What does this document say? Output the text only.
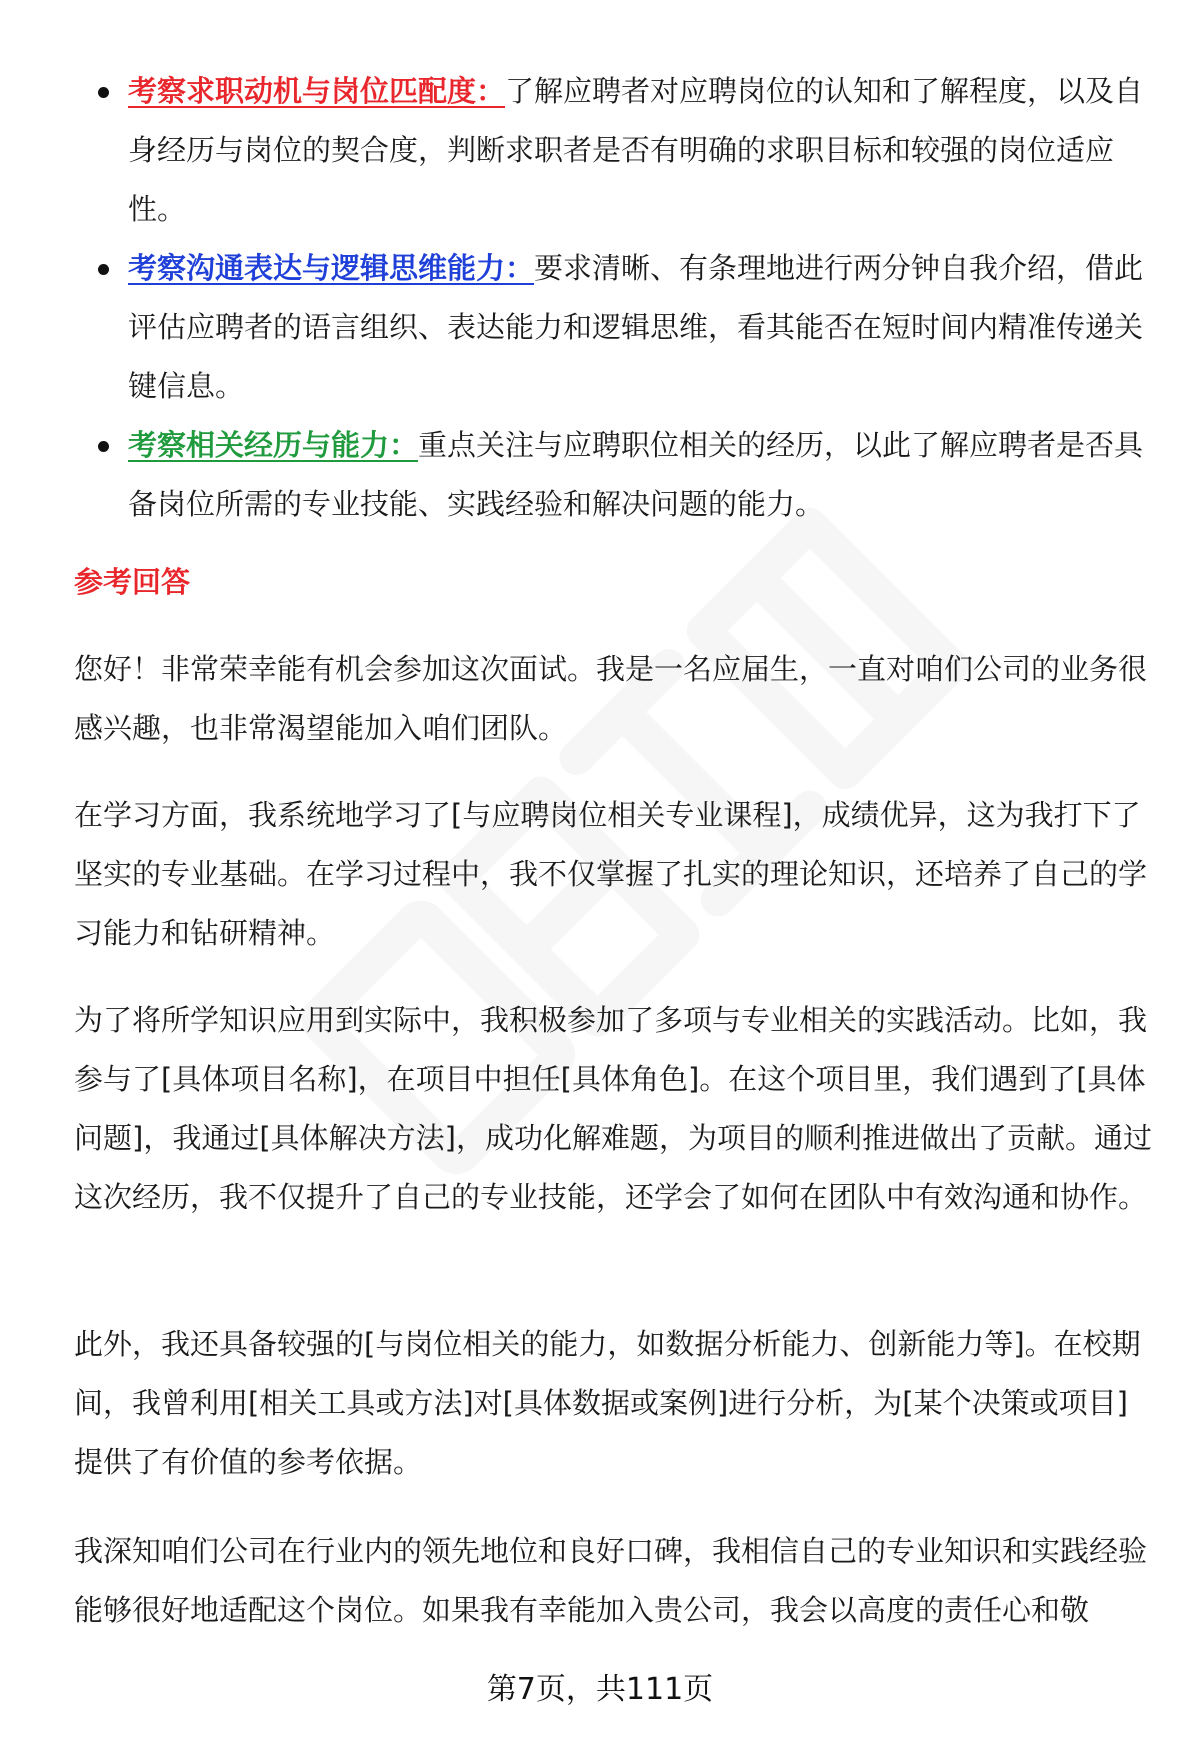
考察求职动机与岗位匹配度：了解应聘者对应聘岗位的认知和了解程度，以及自身经历与岗位的契合度，判断求职者是否有明确的求职目标和较强的岗位适应性。
考察沟通表达与逻辑思维能力：要求清晰、有条理地进行两分钟自我介绍，借此评估应聘者的语言组织、表达能力和逻辑思维，看其能否在短时间内精准传递关键信息。
考察相关经历与能力：重点关注与应聘职位相关的经历，以此了解应聘者是否具备岗位所需的专业技能、实践经验和解决问题的能力。
参考回答

您好！非常荣幸能有机会参加这次面试。我是一名应届生，一直对咱们公司的业务很感兴趣，也非常渴望能加入咱们团队。

在学习方面，我系统地学习了[与应聘岗位相关专业课程]，成绩优异，这为我打下了坚实的专业基础。在学习过程中，我不仅掌握了扎实的理论知识，还培养了自己的学习能力和钻研精神。

为了将所学知识应用到实际中，我积极参加了多项与专业相关的实践活动。比如，我参与了[具体项目名称]，在项目中担任[具体角色]。在这个项目里，我们遇到了[具体问题]，我通过[具体解决方法]，成功化解难题，为项目的顺利推进做出了贡献。通过这次经历，我不仅提升了自己的专业技能，还学会了如何在团队中有效沟通和协作。

此外，我还具备较强的[与岗位相关的能力，如数据分析能力、创新能力等]。在校期间，我曾利用[相关工具或方法]对[具体数据或案例]进行分析，为[某个决策或项目]提供了有价值的参考依据。

我深知咱们公司在行业内的领先地位和良好口碑，我相信自己的专业知识和实践经验能够很好地适配这个岗位。如果我有幸能加入贵公司，我会以高度的责任心和敬

第7页，共111页
